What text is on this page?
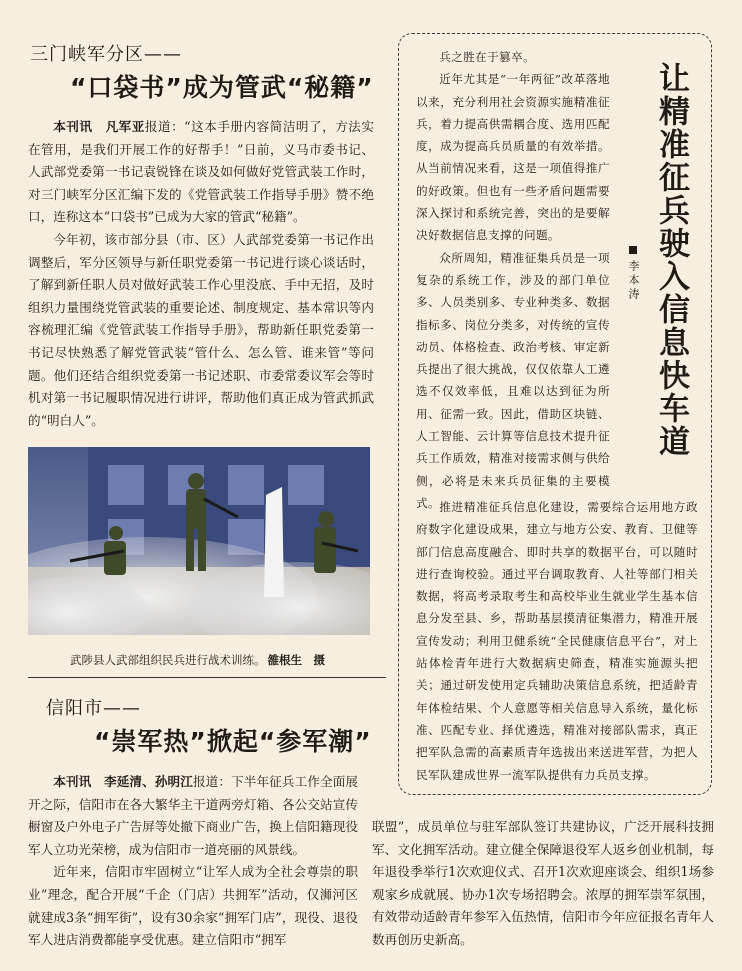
三门峡军分区——
“口袋书”成为管武“秘籍”

本刊讯　凡军亚报道：“这本手册内容简洁明了，方法实在管用，是我们开展工作的好帮手！”日前，义马市委书记、人武部党委第一书记袁锐锋在谈及如何做好党管武装工作时，对三门峡军分区汇编下发的《党管武装工作指导手册》赞不绝口，连称这本“口袋书”已成为大家的管武“秘籍”。

今年初，该市部分县（市、区）人武部党委第一书记作出调整后，军分区领导与新任职党委第一书记进行谈心谈话时，了解到新任职人员对做好武装工作心里没底、手中无招，及时组织力量围绕党管武装的重要论述、制度规定、基本常识等内容梳理汇编《党管武装工作指导手册》，帮助新任职党委第一书记尽快熟悉了解党管武装“管什么、怎么管、谁来管”等问题。他们还结合组织党委第一书记述职、市委常委议军会等时机对第一书记履职情况进行讲评，帮助他们真正成为管武抓武的“明白人”。

武陟县人武部组织民兵进行战术训练。 雒根生　摄
信阳市——
“崇军热”掀起“参军潮”

本刊讯　李延清、孙明江报道：下半年征兵工作全面展开之际，信阳市在各大繁华主干道两旁灯箱、各公交站宣传橱窗及户外电子广告屏等处撤下商业广告，换上信阳籍现役军人立功光荣榜，成为信阳市一道亮丽的风景线。

近年来，信阳市牢固树立“让军人成为全社会尊崇的职业”理念，配合开展“千企（门店）共拥军”活动，仅浉河区就建成3条“拥军街”，设有30余家“拥军门店”，现役、退役军人进店消费都能享受优惠。建立信阳市“拥军

联盟”，成员单位与驻军部队签订共建协议，广泛开展科技拥军、文化拥军活动。建立健全保障退役军人返乡创业机制，每年退役季举行1次欢迎仪式、召开1次欢迎座谈会、组织1场参观家乡成就展、协办1次专场招聘会。浓厚的拥军崇军氛围，有效带动适龄青年参军入伍热情，信阳市今年应征报名青年人数再创历史新高。
让精准征兵驶入信息快车道
李本涛

兵之胜在于篡卒。

近年尤其是“一年两征”改革落地以来，充分利用社会资源实施精准征兵，着力提高供需耦合度、选用匹配度，成为提高兵员质量的有效举措。从当前情况来看，这是一项值得推广的好政策。但也有一些矛盾问题需要深入探讨和系统完善，突出的是要解决好数据信息支撑的问题。

众所周知，精准征集兵员是一项复杂的系统工作，涉及的部门单位多、人员类别多、专业种类多、数据指标多、岗位分类多，对传统的宣传动员、体格检查、政治考核、审定新兵提出了很大挑战，仅仅依靠人工遴选不仅效率低，且难以达到征为所用、征需一致。因此，借助区块链、人工智能、云计算等信息技术提升征兵工作质效，精准对接需求侧与供给侧，必将是未来兵员征集的主要模式。 推进精准征兵信息化建设，需要综合运用地方政府数字化建设成果，建立与地方公安、教育、卫健等部门信息高度融合、即时共享的数据平台，可以随时进行查询校验。通过平台调取教育、人社等部门相关数据，将高考录取考生和高校毕业生就业学生基本信息分发至县、乡，帮助基层摸清征集潜力，精准开展宣传发动；利用卫健系统“全民健康信息平台”，对上站体检青年进行大数据病史筛查，精准实施源头把关；通过研发使用定兵辅助决策信息系统，把适龄青年体检结果、个人意愿等相关信息导入系统，量化标准、匹配专业、择优遴选，精准对接部队需求，真正把军队急需的高素质青年选拔出来送进军营，为把人民军队建成世界一流军队提供有力兵员支撑。
